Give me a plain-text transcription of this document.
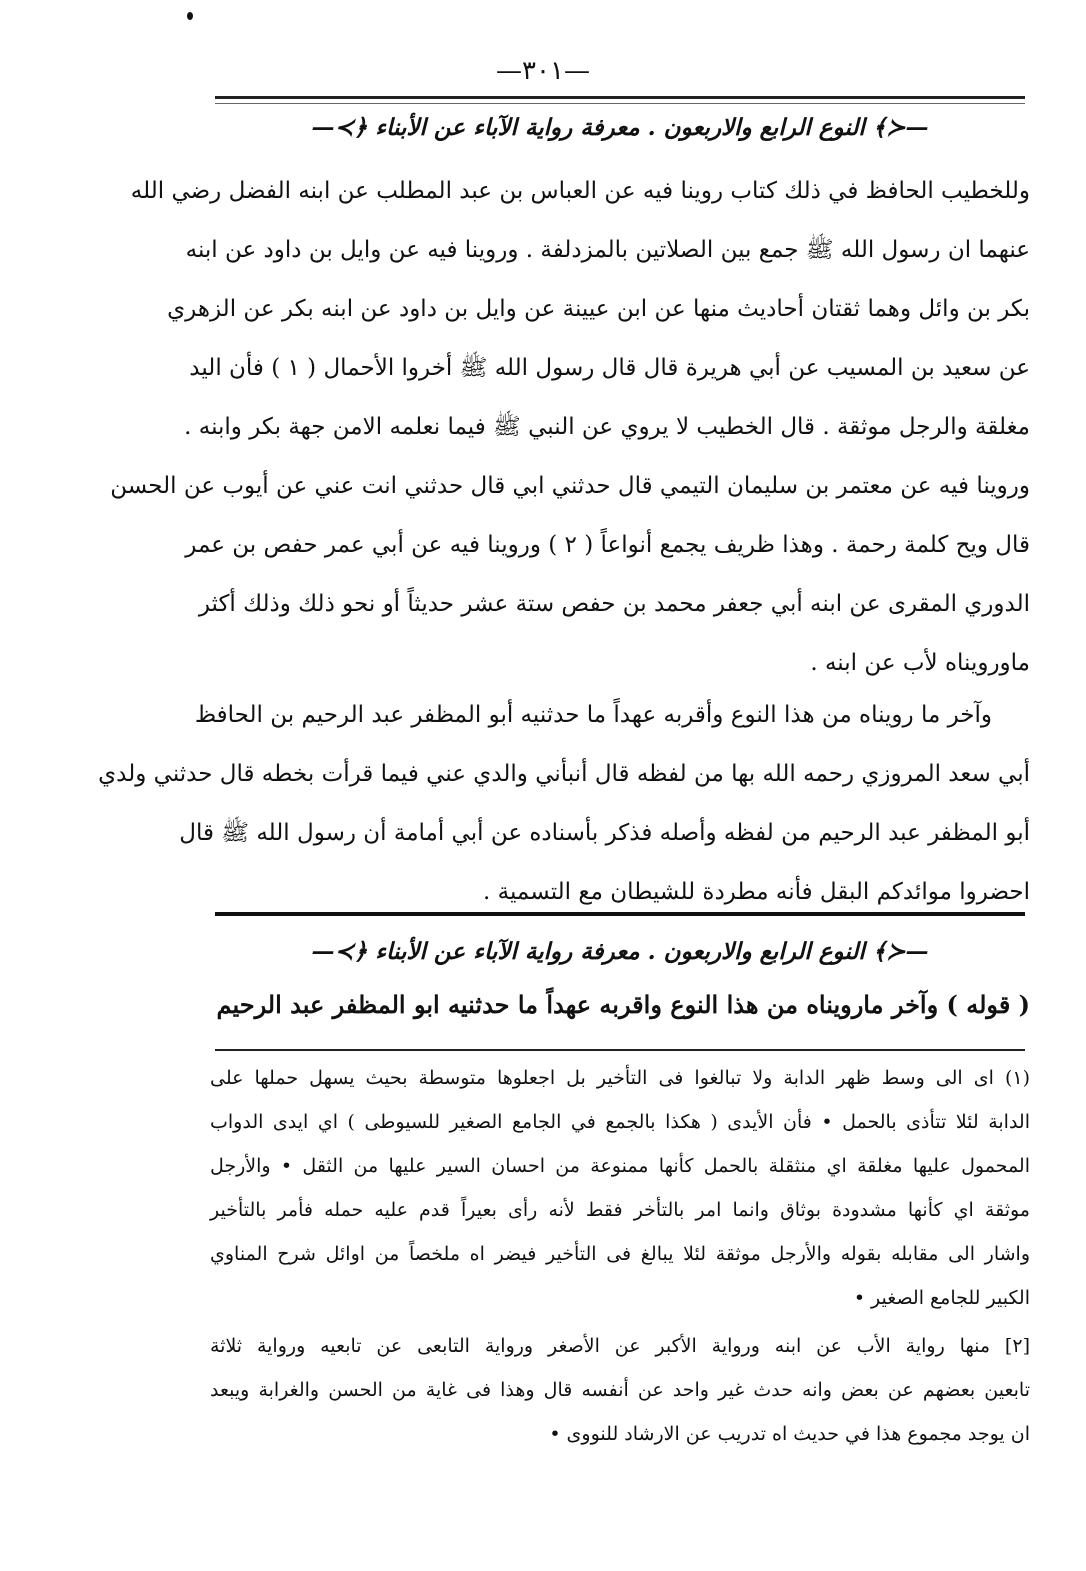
—٣٠١—
—≺﴾ النوع الرابع والاربعون . معرفة رواية الآباء عن الأبناء ﴿≻—
وللخطيب الحافظ في ذلك كتاب روينا فيه عن العباس بن عبد المطلب عن ابنه الفضل رضي الله
عنهما ان رسول الله ﷺ جمع بين الصلاتين بالمزدلفة . وروينا فيه عن وايل بن داود عن ابنه
بكر بن وائل وهما ثقتان أحاديث منها عن ابن عيينة عن وايل بن داود عن ابنه بكر عن الزهري
عن سعيد بن المسيب عن أبي هريرة قال قال رسول الله ﷺ أخروا الأحمال ( ١ ) فأن اليد
مغلقة والرجل موثقة . قال الخطيب لا يروي عن النبي ﷺ فيما نعلمه الامن جهة بكر وابنه .
وروينا فيه عن معتمر بن سليمان التيمي قال حدثني ابي قال حدثني انت عني عن أيوب عن الحسن
قال ويح كلمة رحمة . وهذا ظريف يجمع أنواعاً ( ٢ ) وروينا فيه عن أبي عمر حفص بن عمر
الدوري المقرى عن ابنه أبي جعفر محمد بن حفص ستة عشر حديثاً أو نحو ذلك وذلك أكثر
ماورويناه لأب عن ابنه .
وآخر ما رويناه من هذا النوع وأقربه عهداً ما حدثنيه أبو المظفر عبد الرحيم بن الحافظ
أبي سعد المروزي رحمه الله بها من لفظه قال أنبأني والدي عني فيما قرأت بخطه قال حدثني ولدي
أبو المظفر عبد الرحيم من لفظه وأصله فذكر بأسناده عن أبي أمامة أن رسول الله ﷺ قال
احضروا موائدكم البقل فأنه مطردة للشيطان مع التسمية .
—≺﴾ النوع الرابع والاربعون . معرفة رواية الآباء عن الأبناء ﴿≻—
( قوله ) وآخر مارويناه من هذا النوع واقربه عهداً ما حدثنيه ابو المظفر عبد الرحيم
(١) اى الى وسط ظهر الدابة ولا تبالغوا فى التأخير بل اجعلوها متوسطة بحيث يسهل حملها على
الدابة لئلا تتأذى بالحمل • فأن الأيدى ( هكذا بالجمع في الجامع الصغير للسيوطى ) اي ايدى الدواب
المحمول عليها مغلقة اي منثقلة بالحمل كأنها ممنوعة من احسان السير عليها من الثقل • والأرجل
موثقة اي كأنها مشدودة بوثاق وانما امر بالتأخر فقط لأنه رأى بعيراً قدم عليه حمله فأمر بالتأخير
واشار الى مقابله بقوله والأرجل موثقة لئلا يبالغ فى التأخير فيضر اه ملخصاً من اوائل شرح المناوي
الكبير للجامع الصغير •
[٢] منها رواية الأب عن ابنه ورواية الأكبر عن الأصغر ورواية التابعى عن تابعيه ورواية ثلاثة
تابعين بعضهم عن بعض وانه حدث غير واحد عن أنفسه قال وهذا فى غاية من الحسن والغرابة ويبعد
ان يوجد مجموع هذا في حديث اه تدريب عن الارشاد للنووى •
